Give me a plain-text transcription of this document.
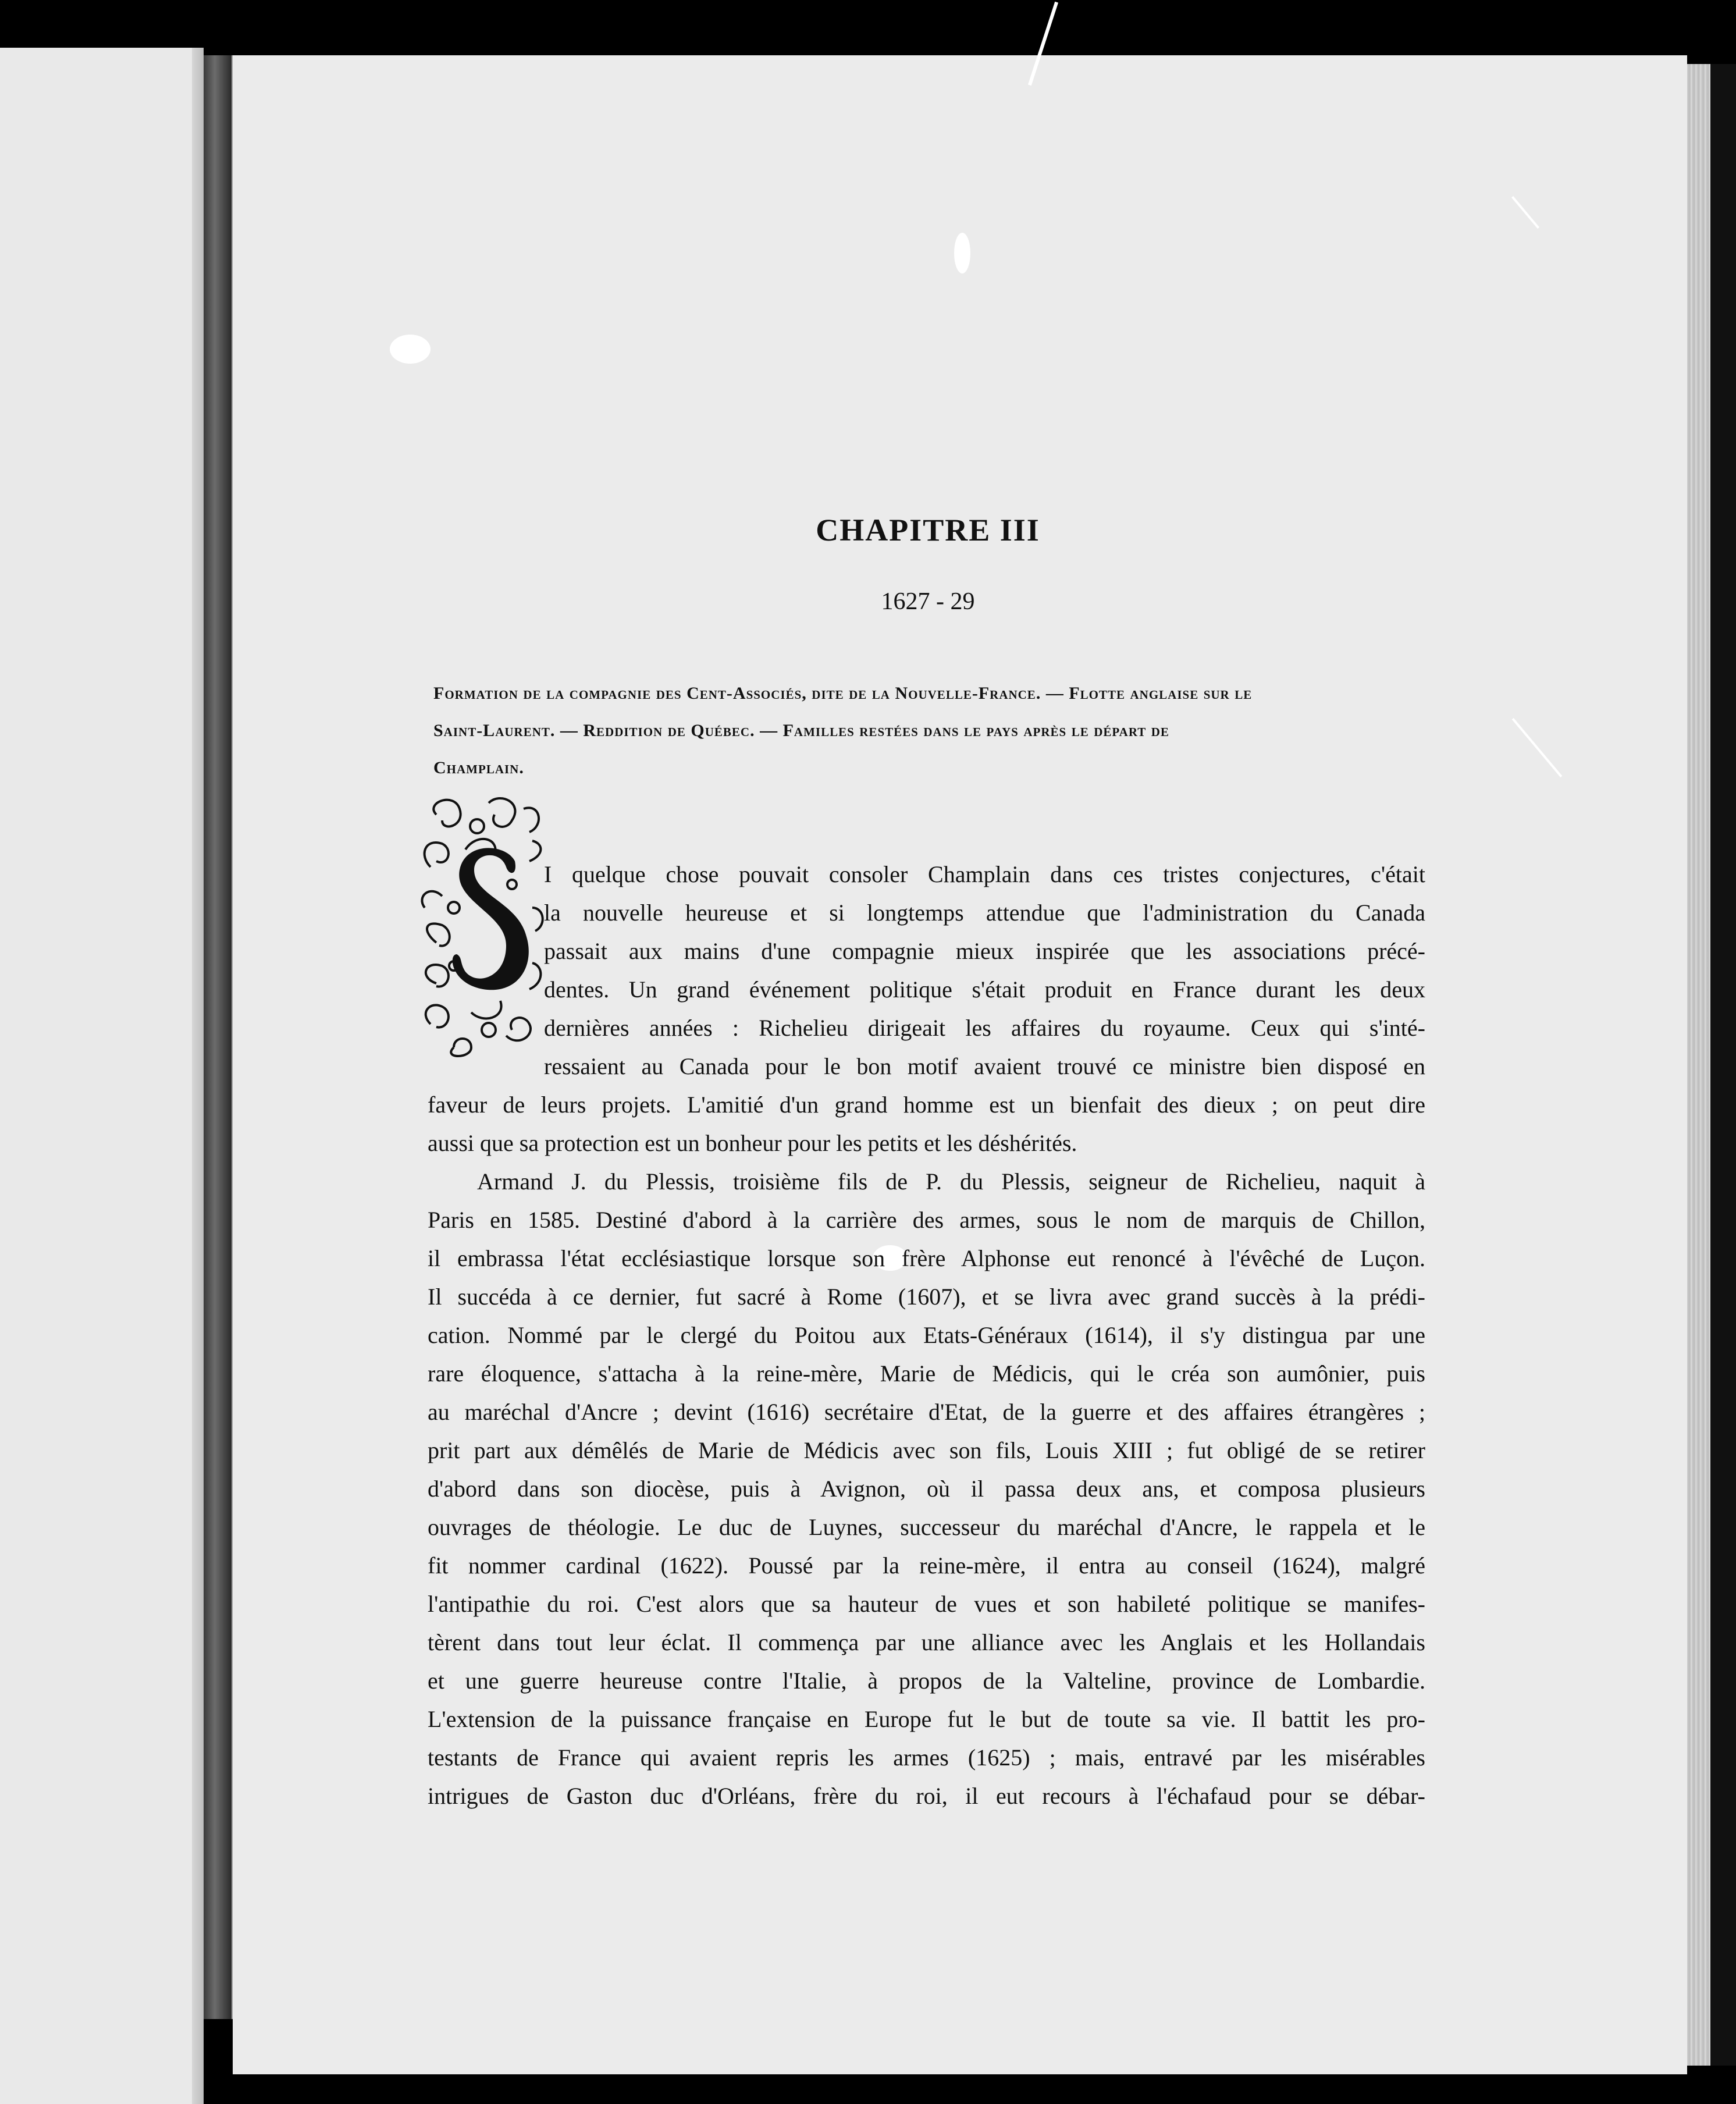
CHAPITRE III
1627 - 29
Formation de la compagnie des Cent-Associés, dite de la Nouvelle-France. — Flotte anglaise sur le
Saint-Laurent. — Reddition de Québec. — Familles restées dans le pays après le départ de
Champlain.
I quelque chose pouvait consoler Champlain dans ces tristes conjectures, c'était
la nouvelle heureuse et si longtemps attendue que l'administration du Canada
passait aux mains d'une compagnie mieux inspirée que les associations précé-
dentes. Un grand événement politique s'était produit en France durant les deux
dernières années : Richelieu dirigeait les affaires du royaume. Ceux qui s'inté-
ressaient au Canada pour le bon motif avaient trouvé ce ministre bien disposé en
faveur de leurs projets. L'amitié d'un grand homme est un bienfait des dieux ; on peut dire
aussi que sa protection est un bonheur pour les petits et les déshérités.
Armand J. du Plessis, troisième fils de P. du Plessis, seigneur de Richelieu, naquit à
Paris en 1585. Destiné d'abord à la carrière des armes, sous le nom de marquis de Chillon,
il embrassa l'état ecclésiastique lorsque son frère Alphonse eut renoncé à l'évêché de Luçon.
Il succéda à ce dernier, fut sacré à Rome (1607), et se livra avec grand succès à la prédi-
cation. Nommé par le clergé du Poitou aux Etats-Généraux (1614), il s'y distingua par une
rare éloquence, s'attacha à la reine-mère, Marie de Médicis, qui le créa son aumônier, puis
au maréchal d'Ancre ; devint (1616) secrétaire d'Etat, de la guerre et des affaires étrangères ;
prit part aux démêlés de Marie de Médicis avec son fils, Louis XIII ; fut obligé de se retirer
d'abord dans son diocèse, puis à Avignon, où il passa deux ans, et composa plusieurs
ouvrages de théologie. Le duc de Luynes, successeur du maréchal d'Ancre, le rappela et le
fit nommer cardinal (1622). Poussé par la reine-mère, il entra au conseil (1624), malgré
l'antipathie du roi. C'est alors que sa hauteur de vues et son habileté politique se manifes-
tèrent dans tout leur éclat. Il commença par une alliance avec les Anglais et les Hollandais
et une guerre heureuse contre l'Italie, à propos de la Valteline, province de Lombardie.
L'extension de la puissance française en Europe fut le but de toute sa vie. Il battit les pro-
testants de France qui avaient repris les armes (1625) ; mais, entravé par les misérables
intrigues de Gaston duc d'Orléans, frère du roi, il eut recours à l'échafaud pour se débar-
